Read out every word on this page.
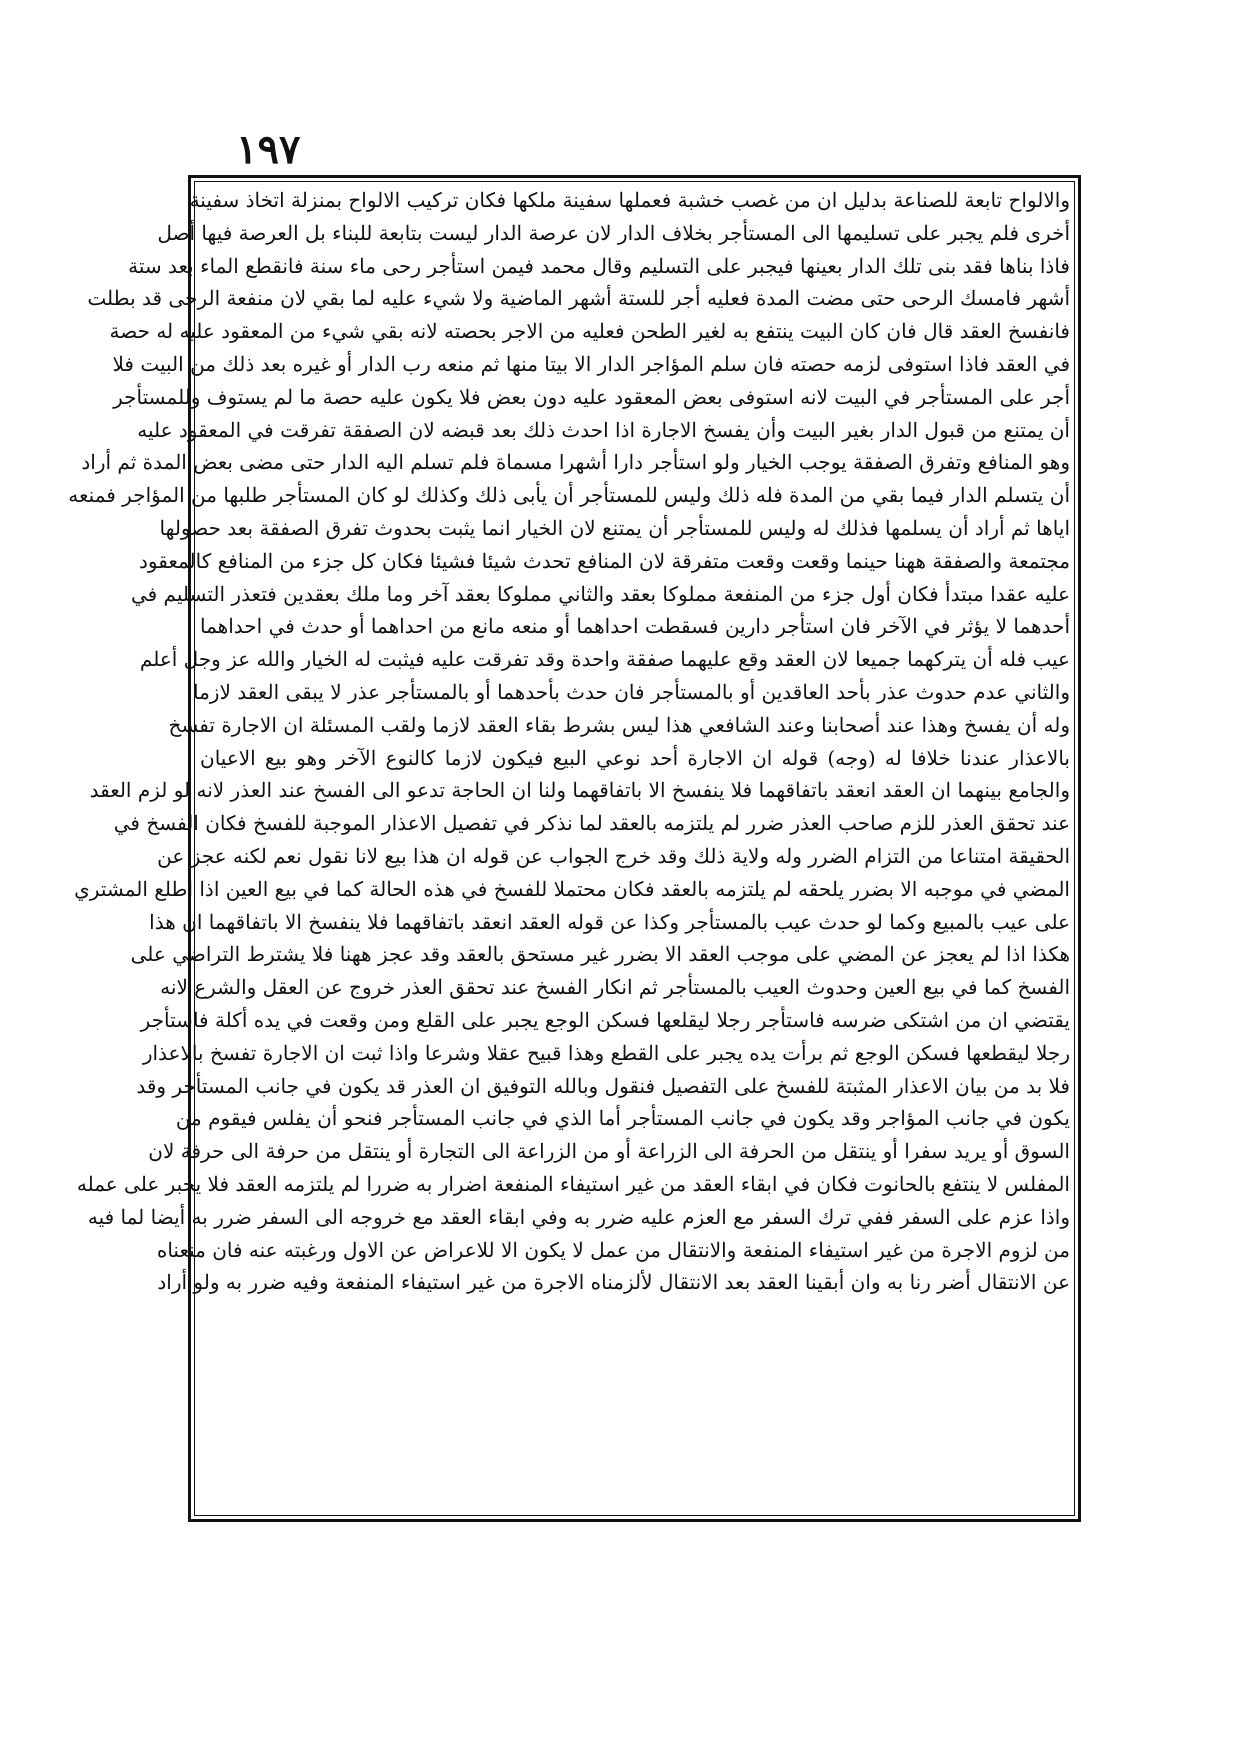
١٩٧
والالواح تابعة للصناعة بدليل ان من غصب خشبة فعملها سفينة ملكها فكان تركيب الالواح بمنزلة اتخاذ سفينة
أخرى فلم يجبر على تسليمها الى المستأجر بخلاف الدار لان عرصة الدار ليست بتابعة للبناء بل العرصة فيها أصل
فاذا بناها فقد بنى تلك الدار بعينها فيجبر على التسليم وقال محمد فيمن استأجر رحى ماء سنة فانقطع الماء بعد ستة
أشهر فامسك الرحى حتى مضت المدة فعليه أجر للستة أشهر الماضية ولا شيء عليه لما بقي لان منفعة الرحى قد بطلت
فانفسخ العقد قال فان كان البيت ينتفع به لغير الطحن فعليه من الاجر بحصته لانه بقي شيء من المعقود عليه له حصة
في العقد فاذا استوفى لزمه حصته فان سلم المؤاجر الدار الا بيتا منها ثم منعه رب الدار أو غيره بعد ذلك من البيت فلا
أجر على المستأجر في البيت لانه استوفى بعض المعقود عليه دون بعض فلا يكون عليه حصة ما لم يستوف وللمستأجر
أن يمتنع من قبول الدار بغير البيت وأن يفسخ الاجارة اذا احدث ذلك بعد قبضه لان الصفقة تفرقت في المعقود عليه
وهو المنافع وتفرق الصفقة يوجب الخيار ولو استأجر دارا أشهرا مسماة فلم تسلم اليه الدار حتى مضى بعض المدة ثم أراد
أن يتسلم الدار فيما بقي من المدة فله ذلك وليس للمستأجر أن يأبى ذلك وكذلك لو كان المستأجر طلبها من المؤاجر فمنعه
اياها ثم أراد أن يسلمها فذلك له وليس للمستأجر أن يمتنع لان الخيار انما يثبت بحدوث تفرق الصفقة بعد حصولها
مجتمعة والصفقة ههنا حينما وقعت وقعت متفرقة لان المنافع تحدث شيئا فشيئا فكان كل جزء من المنافع كالمعقود
عليه عقدا مبتدأ فكان أول جزء من المنفعة مملوكا بعقد والثاني مملوكا بعقد آخر وما ملك بعقدين فتعذر التسليم في
أحدهما لا يؤثر في الآخر فان استأجر دارين فسقطت احداهما أو منعه مانع من احداهما أو حدث في احداهما
عيب فله أن يتركهما جميعا لان العقد وقع عليهما صفقة واحدة وقد تفرقت عليه فيثبت له الخيار والله عز وجل أعلم
والثاني عدم حدوث عذر بأحد العاقدين أو بالمستأجر فان حدث بأحدهما أو بالمستأجر عذر لا يبقى العقد لازما
وله أن يفسخ وهذا عند أصحابنا وعند الشافعي هذا ليس بشرط بقاء العقد لازما ولقب المسئلة ان الاجارة تفسخ
بالاعذار عندنا خلافا له (وجه) قوله ان الاجارة أحد نوعي البيع فيكون لازما كالنوع الآخر وهو بيع الاعيان
والجامع بينهما ان العقد انعقد باتفاقهما فلا ينفسخ الا باتفاقهما ولنا ان الحاجة تدعو الى الفسخ عند العذر لانه لو لزم العقد
عند تحقق العذر للزم صاحب العذر ضرر لم يلتزمه بالعقد لما نذكر في تفصيل الاعذار الموجبة للفسخ فكان الفسخ في
الحقيقة امتناعا من التزام الضرر وله ولاية ذلك وقد خرج الجواب عن قوله ان هذا بيع لانا نقول نعم لكنه عجز عن
المضي في موجبه الا بضرر يلحقه لم يلتزمه بالعقد فكان محتملا للفسخ في هذه الحالة كما في بيع العين اذا اطلع المشتري
على عيب بالمبيع وكما لو حدث عيب بالمستأجر وكذا عن قوله العقد انعقد باتفاقهما فلا ينفسخ الا باتفاقهما ان هذا
هكذا اذا لم يعجز عن المضي على موجب العقد الا بضرر غير مستحق بالعقد وقد عجز ههنا فلا يشترط التراضي على
الفسخ كما في بيع العين وحدوث العيب بالمستأجر ثم انكار الفسخ عند تحقق العذر خروج عن العقل والشرع لانه
يقتضي ان من اشتكى ضرسه فاستأجر رجلا ليقلعها فسكن الوجع يجبر على القلع ومن وقعت في يده أكلة فاستأجر
رجلا ليقطعها فسكن الوجع ثم برأت يده يجبر على القطع وهذا قبيح عقلا وشرعا واذا ثبت ان الاجارة تفسخ بالاعذار
فلا بد من بيان الاعذار المثبتة للفسخ على التفصيل فنقول وبالله التوفيق ان العذر قد يكون في جانب المستأجر وقد
يكون في جانب المؤاجر وقد يكون في جانب المستأجر أما الذي في جانب المستأجر فنحو أن يفلس فيقوم من
السوق أو يريد سفرا أو ينتقل من الحرفة الى الزراعة أو من الزراعة الى التجارة أو ينتقل من حرفة الى حرفة لان
المفلس لا ينتفع بالحانوت فكان في ابقاء العقد من غير استيفاء المنفعة اضرار به ضررا لم يلتزمه العقد فلا يجبر على عمله
واذا عزم على السفر ففي ترك السفر مع العزم عليه ضرر به وفي ابقاء العقد مع خروجه الى السفر ضرر به أيضا لما فيه
من لزوم الاجرة من غير استيفاء المنفعة والانتقال من عمل لا يكون الا للاعراض عن الاول ورغبته عنه فان منعناه
عن الانتقال أضر رنا به وان أبقينا العقد بعد الانتقال لألزمناه الاجرة من غير استيفاء المنفعة وفيه ضرر به ولو أراد
